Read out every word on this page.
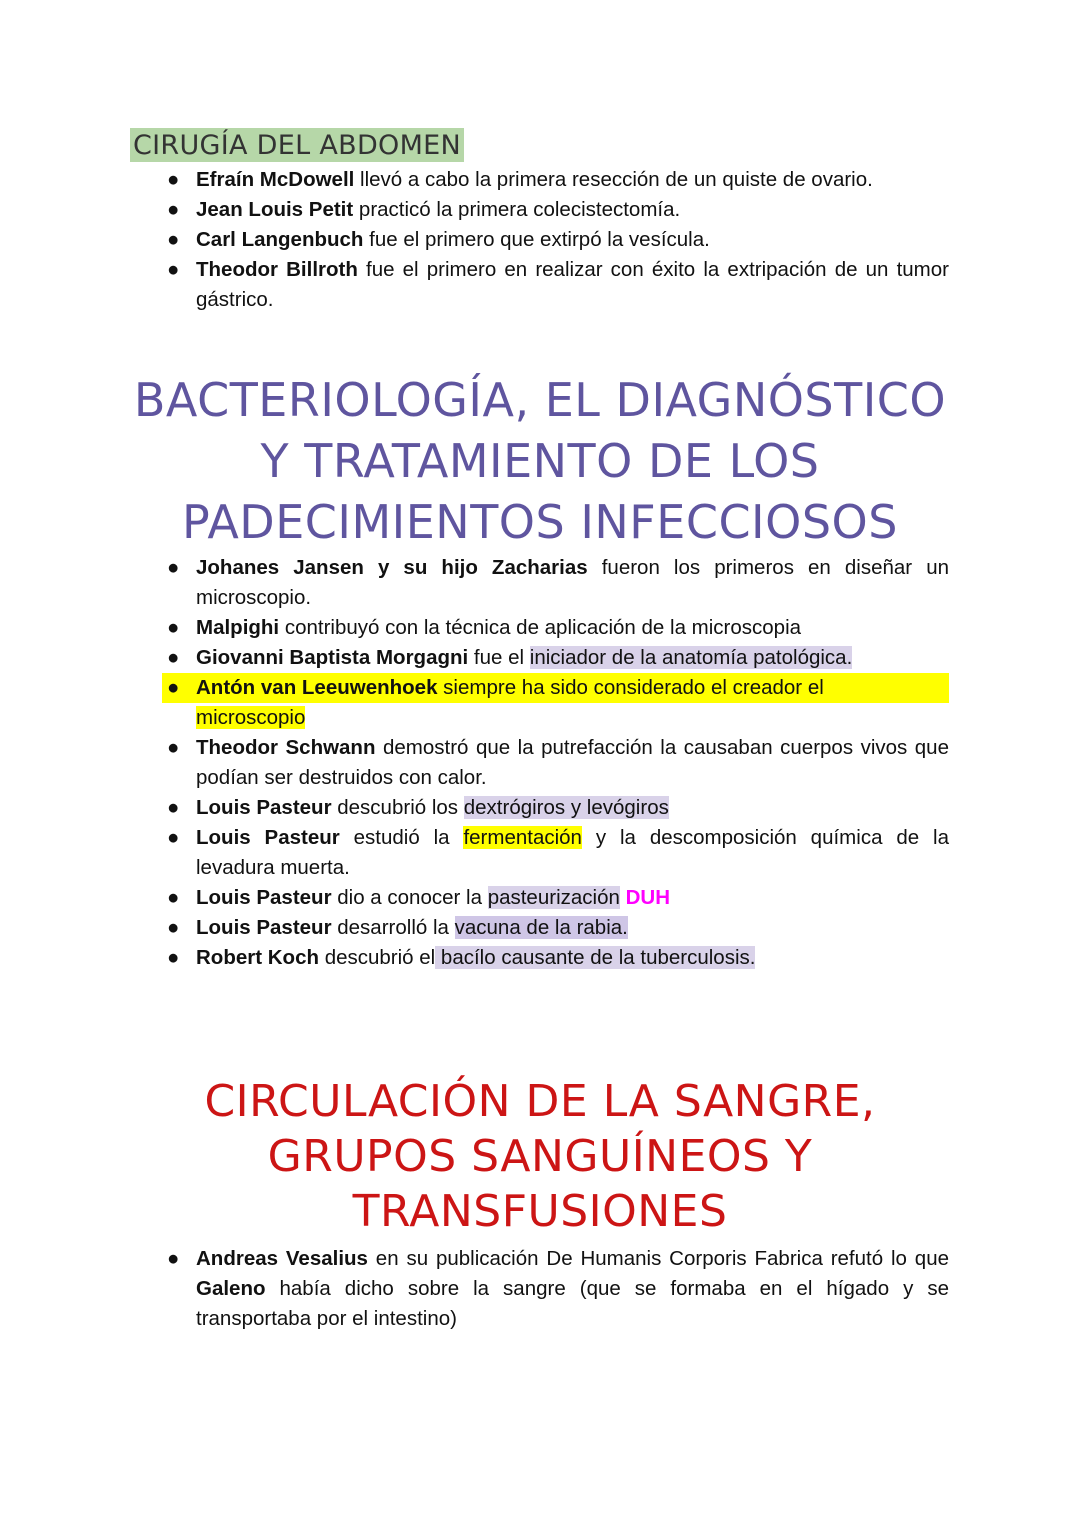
CIRUGÍA DEL ABDOMEN
● Efraín McDowell llevó a cabo la primera resección de un quiste de ovario.
● Jean Louis Petit practicó la primera colecistectomía.
● Carl Langenbuch fue el primero que extirpó la vesícula.
● Theodor Billroth fue el primero en realizar con éxito la extripación de un tumor gástrico.
BACTERIOLOGÍA, EL DIAGNÓSTICO
Y TRATAMIENTO DE LOS
PADECIMIENTOS INFECCIOSOS
● Johanes Jansen y su hijo Zacharias fueron los primeros en diseñar un microscopio.
● Malpighi contribuyó con la técnica de aplicación de la microscopia
● Giovanni Baptista Morgagni fue el iniciador de la anatomía patológica.
● Antón van Leeuwenhoek siempre ha sido considerado el creador el
microscopio
● Theodor Schwann demostró que la putrefacción la causaban cuerpos vivos que podían ser destruidos con calor.
● Louis Pasteur descubrió los dextrógiros y levógiros
● Louis Pasteur estudió la fermentación y la descomposición química de la levadura muerta.
● Louis Pasteur dio a conocer la pasteurización DUH
● Louis Pasteur desarrolló la vacuna de la rabia.
● Robert Koch descubrió el bacílo causante de la tuberculosis.
CIRCULACIÓN DE LA SANGRE,
GRUPOS SANGUÍNEOS Y
TRANSFUSIONES
● Andreas Vesalius en su publicación De Humanis Corporis Fabrica refutó lo que Galeno había dicho sobre la sangre (que se formaba en el hígado y se transportaba por el intestino)
